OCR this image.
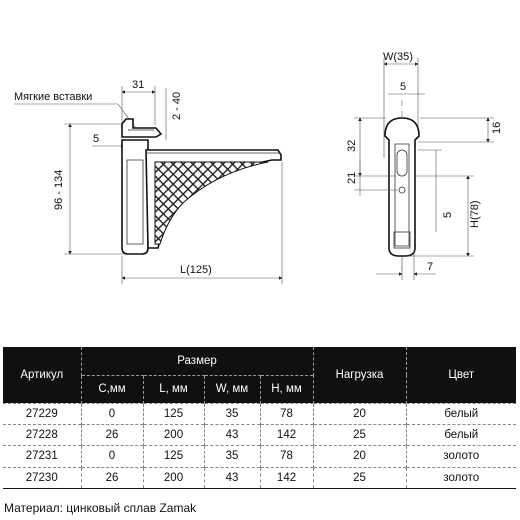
Мягкие вставки
31
2 - 40
5
96 - 134
L(125)
W(35)
5
32
21
16
5 H(78)
7
Артикул	Размер				Нагрузка	Цвет
	C,мм	L, мм	W, мм	H, мм		
27229	0	125	35	78	20	белый
27228	26	200	43	142	25	белый
27231	0	125	35	78	20	золото
27230	26	200	43	142	25	золото
Материал: цинковый сплав Zamak
